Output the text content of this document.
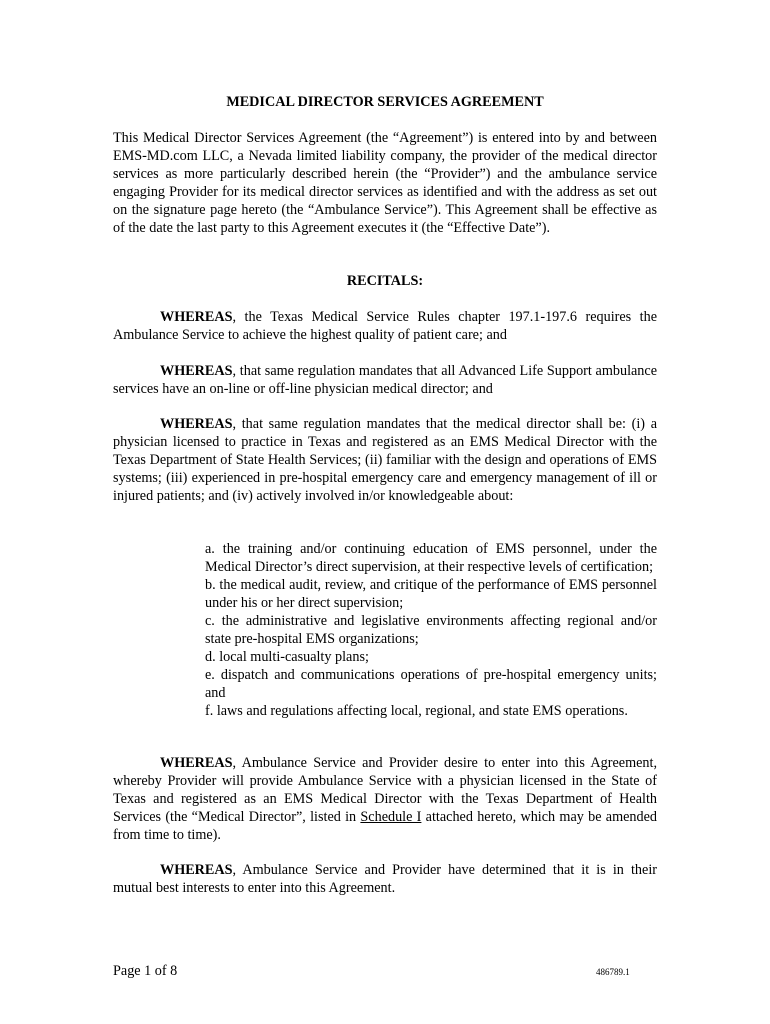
MEDICAL DIRECTOR SERVICES AGREEMENT
This Medical Director Services Agreement (the “Agreement”) is entered into by and between EMS-MD.com LLC, a Nevada limited liability company, the provider of the medical director services as more particularly described herein (the “Provider”) and the ambulance service engaging Provider for its medical director services as identified and with the address as set out on the signature page hereto (the “Ambulance Service”). This Agreement shall be effective as of the date the last party to this Agreement executes it (the “Effective Date”).
RECITALS:
WHEREAS, the Texas Medical Service Rules chapter 197.1-197.6 requires the Ambulance Service to achieve the highest quality of patient care; and
WHEREAS, that same regulation mandates that all Advanced Life Support ambulance services have an on-line or off-line physician medical director; and
WHEREAS, that same regulation mandates that the medical director shall be: (i) a physician licensed to practice in Texas and registered as an EMS Medical Director with the Texas Department of State Health Services; (ii) familiar with the design and operations of EMS systems; (iii) experienced in pre-hospital emergency care and emergency management of ill or injured patients; and (iv) actively involved in/or knowledgeable about:
a. the training and/or continuing education of EMS personnel, under the Medical Director’s direct supervision, at their respective levels of certification;
b. the medical audit, review, and critique of the performance of EMS personnel under his or her direct supervision;
c. the administrative and legislative environments affecting regional and/or state pre-hospital EMS organizations;
d. local multi-casualty plans;
e. dispatch and communications operations of pre-hospital emergency units; and
f. laws and regulations affecting local, regional, and state EMS operations.
WHEREAS, Ambulance Service and Provider desire to enter into this Agreement, whereby Provider will provide Ambulance Service with a physician licensed in the State of Texas and registered as an EMS Medical Director with the Texas Department of Health Services (the “Medical Director”, listed in Schedule I attached hereto, which may be amended from time to time).
WHEREAS, Ambulance Service and Provider have determined that it is in their mutual best interests to enter into this Agreement.
Page 1 of 8	486789.1
